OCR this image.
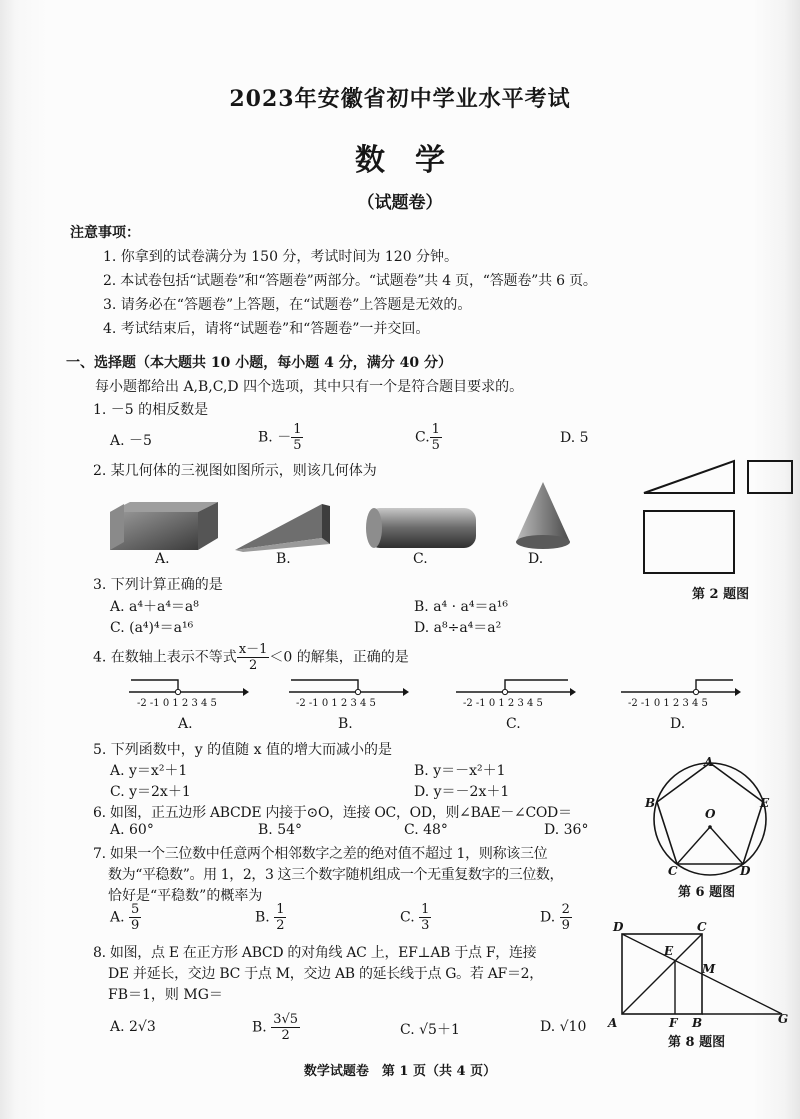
2023年安徽省初中学业水平考试
数　学
（试题卷）
注意事项：
1. 你拿到的试卷满分为 150 分，考试时间为 120 分钟。
2. 本试卷包括“试题卷”和“答题卷”两部分。“试题卷”共 4 页，“答题卷”共 6 页。
3. 请务必在“答题卷”上答题，在“试题卷”上答题是无效的。
4. 考试结束后，请将“试题卷”和“答题卷”一并交回。
一、选择题（本大题共 10 小题，每小题 4 分，满分 40 分）
每小题都给出 A,B,C,D 四个选项，其中只有一个是符合题目要求的。
1. －5 的相反数是
A. －5	B. － $\frac{1}{5}$	C. $\frac{1}{5}$	D. 5
2. 某几何体的三视图如图所示，则该几何体为
A.	B.	C.	D.
第 2 题图
3. 下列计算正确的是
A. a⁴＋a⁴＝a⁸	B. a⁴ · a⁴＝a¹⁶
C. (a⁴)⁴＝a¹⁶	D. a⁸÷a⁴＝a²
4. 在数轴上表示不等式 $\frac{x-1}{2} <0$ 的解集，正确的是
-2 -1 0 1 2 3 4 5
A.
-2 -1 0 1 2 3 4 5
B.
-2 -1 0 1 2 3 4 5
C.
-2 -1 0 1 2 3 4 5
D.
5. 下列函数中，y 的值随 x 值的增大而减小的是
A. y＝x²＋1	B. y＝－x²＋1
C. y＝2x＋1	D. y＝－2x＋1
A
B	E
O
C	D
第 6 题图
6. 如图，正五边形 ABCDE 内接于⊙O，连接 OC，OD，则∠BAE－∠COD＝
A. 60°	B. 54°	C. 48°	D. 36°
7. 如果一个三位数中任意两个相邻数字之差的绝对值不超过 1，则称该三位
数为“平稳数”。用 1，2，3 这三个数字随机组成一个无重复数字的三位数，
恰好是“平稳数”的概率为
A. $\frac{5}{9}$	B. $\frac{1}{2}$	C. $\frac{1}{3}$	D. $\frac{2}{9}$
8. 如图，点 E 在正方形 ABCD 的对角线 AC 上，EF⊥AB 于点 F，连接
DE 并延长，交边 BC 于点 M，交边 AB 的延长线于点 G。若 AF＝2，
FB＝1，则 MG＝
A. 2√3	B. $\frac{3√5}{2}$	C. √5＋1	D. √10
D	C
E
M
A	F B	G
第 8 题图
数学试题卷　第 1 页（共 4 页）
